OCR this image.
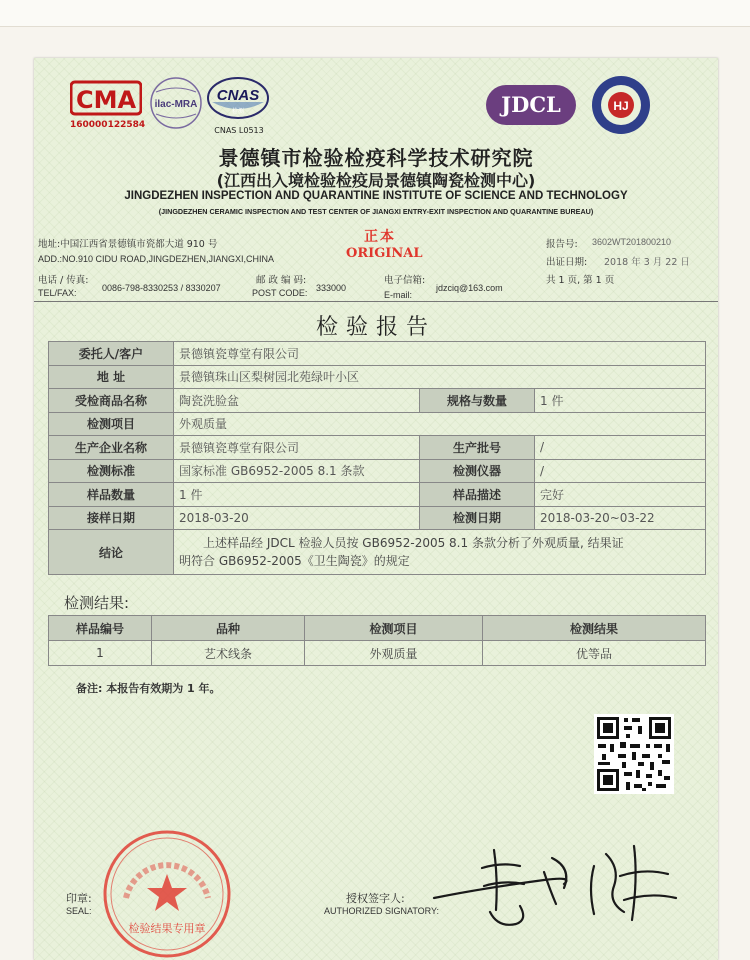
CMA
160000122584
ilac-MRA
CNAS
检测
CNAS L0513
JDCL	HJ
景德镇市检验检疫科学技术研究院
(江西出入境检验检疫局景德镇陶瓷检测中心)
JINGDEZHEN INSPECTION AND QUARANTINE INSTITUTE OF SCIENCE AND TECHNOLOGY
(JINGDEZHEN CERAMIC INSPECTION AND TEST CENTER OF JIANGXI ENTRY-EXIT INSPECTION AND QUARANTINE BUREAU)
地址:中国江西省景德镇市瓷都大道 910 号
ADD.:NO.910 CIDU ROAD,JINGDEZHEN,JIANGXI,CHINA
电话 / 传真:
TEL/FAX:	0086-798-8330253 / 8330207
邮 政 编 码:
POST CODE: 333000
电子信箱:
E-mail:
jdzciq@163.com
正本
ORIGINAL
报告号: 3602WT201800210
出证日期: 2018 年 3 月 22 日
共 1 页, 第 1 页
检验报告
委托人/客户	景德镇瓷尊堂有限公司		
地 址	景德镇珠山区梨树园北苑绿叶小区		
受检商品名称	陶瓷洗脸盆	规格与数量	1 件
检测项目	外观质量		
生产企业名称	景德镇瓷尊堂有限公司	生产批号	/
检测标准	国家标准 GB6952-2005 8.1 条款	检测仪器	/
样品数量	1 件	样品描述	完好
接样日期	2018-03-20	检测日期	2018-03-20~03-22
结论	上述样品经 JDCL 检验人员按 GB6952-2005 8.1 条款分析了外观质量, 结果证
明符合 GB6952-2005《卫生陶瓷》的规定		
检测结果:
样品编号	品种	检测项目	检测结果
1	艺术线条	外观质量	优等品
备注: 本报告有效期为 1 年。
印章:
SEAL:
检验结果专用章
授权签字人:
AUTHORIZED SIGNATORY:
